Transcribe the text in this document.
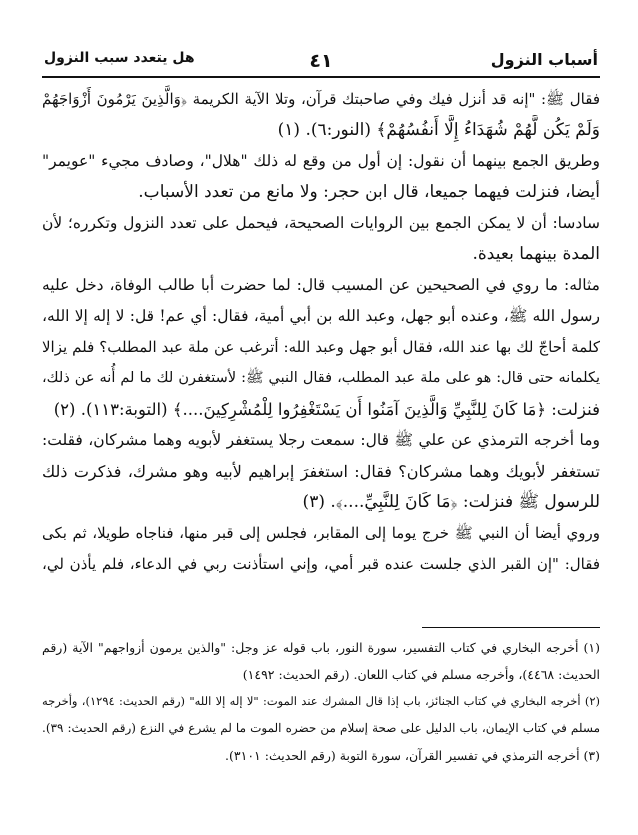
أسباب النزول
٤١
هل يتعدد سبب النزول
فقال ﷺ: "إنه قد أنزل فيك وفي صاحبتك قرآن، وتلا الآية الكريمة ﴿وَالَّذِينَ يَرْمُونَ أَزْوَاجَهُمْ
وَلَمْ يَكُن لَّهُمْ شُهَدَاءُ إِلَّا أَنفُسُهُمْ﴾ (النور:٦). (١)
وطريق الجمع بينهما أن نقول: إن أول من وقع له ذلك "هلال"، وصادف مجيء "عويمر"
أيضا، فنزلت فيهما جميعا، قال ابن حجر: ولا مانع من تعدد الأسباب.
سادسا: أن لا يمكن الجمع بين الروايات الصحيحة، فيحمل على تعدد النزول وتكرره؛ لأن
المدة بينهما بعيدة.
مثاله: ما روي في الصحيحين عن المسيب قال: لما حضرت أبا طالب الوفاة، دخل عليه
رسول الله ﷺ، وعنده أبو جهل، وعبد الله بن أبي أمية، فقال: أي عم! قل: لا إله إلا الله،
كلمة أحاجّ لك بها عند الله، فقال أبو جهل وعبد الله: أترغب عن ملة عبد المطلب؟ فلم يزالا
يكلمانه حتى قال: هو على ملة عبد المطلب، فقال النبي ﷺ: لأستغفرن لك ما لم أُنه عن ذلك،
فنزلت: ﴿مَا كَانَ لِلنَّبِيِّ وَالَّذِينَ آمَنُوا أَن يَسْتَغْفِرُوا لِلْمُشْرِكِينَ....﴾ (التوبة:١١٣). (٢)
وما أخرجه الترمذي عن علي ﷺ قال: سمعت رجلا يستغفر لأبويه وهما مشركان، فقلت:
تستغفر لأبويك وهما مشركان؟ فقال: استغفرَ إبراهيم لأبيه وهو مشرك، فذكرت ذلك
للرسول ﷺ فنزلت: ﴿مَا كَانَ لِلنَّبِيِّ....﴾. (٣)
وروي أيضا أن النبي ﷺ خرج يوما إلى المقابر، فجلس إلى قبر منها، فناجاه طويلا، ثم بكى
فقال: "إن القبر الذي جلست عنده قبر أمي، وإني استأذنت ربي في الدعاء، فلم يأذن لي،
(١) أخرجه البخاري في كتاب التفسير، سورة النور، باب قوله عز وجل: "والذين يرمون أزواجهم" الآية (رقم
الحديث: ٤٤٦٨)، وأخرجه مسلم في كتاب اللعان. (رقم الحديث: ١٤٩٢)
(٢) أخرجه البخاري في كتاب الجنائز، باب إذا قال المشرك عند الموت: "لا إله إلا الله" (رقم الحديث: ١٢٩٤)، وأخرجه
مسلم في كتاب الإيمان، باب الدليل على صحة إسلام من حضره الموت ما لم يشرع في النزع (رقم الحديث: ٣٩).
(٣) أخرجه الترمذي في تفسير القرآن، سورة التوبة (رقم الحديث: ٣١٠١).
